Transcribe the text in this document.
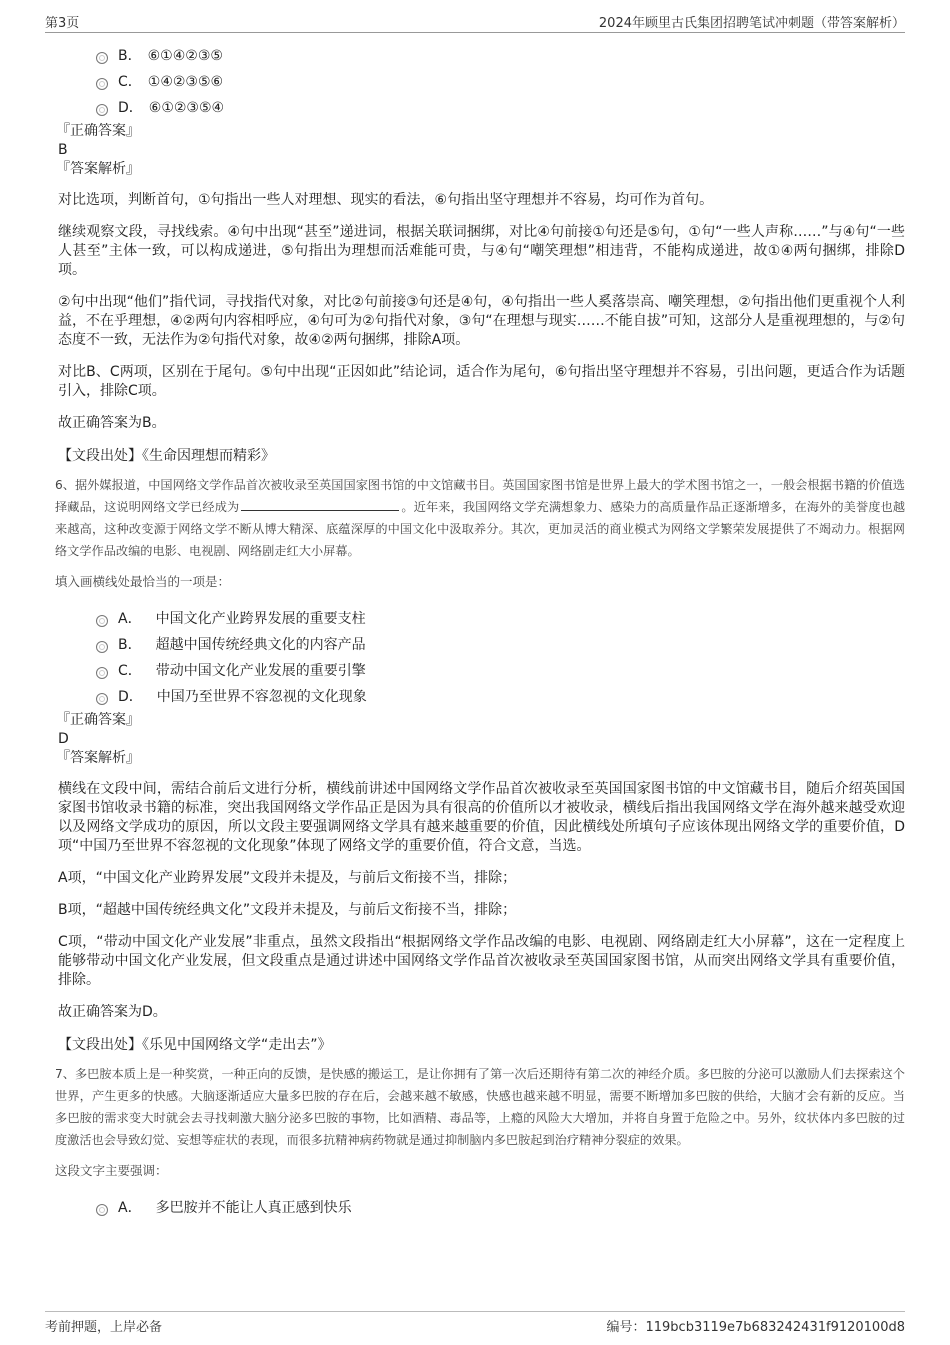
第3页	2024年顾里古氏集团招聘笔试冲刺题（带答案解析）
B． ⑥①④②③⑤
C． ①④②③⑤⑥
D． ⑥①②③⑤④
『正确答案』
B
『答案解析』

对比选项，判断首句，①句指出一些人对理想、现实的看法，⑥句指出坚守理想并不容易，均可作为首句。

继续观察文段，寻找线索。④句中出现“甚至”递进词，根据关联词捆绑，对比④句前接①句还是⑤句，①句“一些人声称……”与④句“一些人甚至”主体一致，可以构成递进，⑤句指出为理想而活难能可贵，与④句“嘲笑理想”相违背，不能构成递进，故①④两句捆绑，排除D项。

②句中出现“他们”指代词，寻找指代对象，对比②句前接③句还是④句，④句指出一些人奚落崇高、嘲笑理想，②句指出他们更重视个人利益，不在乎理想，④②两句内容相呼应，④句可为②句指代对象，③句“在理想与现实……不能自拔”可知，这部分人是重视理想的，与②句态度不一致，无法作为②句指代对象，故④②两句捆绑，排除A项。

对比B、C两项，区别在于尾句。⑤句中出现“正因如此”结论词，适合作为尾句，⑥句指出坚守理想并不容易，引出问题，更适合作为话题引入，排除C项。

故正确答案为B。

【文段出处】《生命因理想而精彩》
6、据外媒报道，中国网络文学作品首次被收录至英国国家图书馆的中文馆藏书目。英国国家图书馆是世界上最大的学术图书馆之一，一般会根据书籍的价值选择藏品，这说明网络文学已经成为	。近年来，我国网络文学充满想象力、感染力的高质量作品正逐渐增多，在海外的美誉度也越来越高，这种改变源于网络文学不断从博大精深、底蕴深厚的中国文化中汲取养分。其次，更加灵活的商业模式为网络文学繁荣发展提供了不竭动力。根据网络文学作品改编的电影、电视剧、网络剧走红大小屏幕。
填入画横线处最恰当的一项是：
A． 中国文化产业跨界发展的重要支柱
B． 超越中国传统经典文化的内容产品
C． 带动中国文化产业发展的重要引擎
D． 中国乃至世界不容忽视的文化现象
『正确答案』
D
『答案解析』

横线在文段中间，需结合前后文进行分析，横线前讲述中国网络文学作品首次被收录至英国国家图书馆的中文馆藏书目，随后介绍英国国家图书馆收录书籍的标准，突出我国网络文学作品正是因为具有很高的价值所以才被收录，横线后指出我国网络文学在海外越来越受欢迎以及网络文学成功的原因，所以文段主要强调网络文学具有越来越重要的价值，因此横线处所填句子应该体现出网络文学的重要价值，D项“中国乃至世界不容忽视的文化现象”体现了网络文学的重要价值，符合文意，当选。

A项，“中国文化产业跨界发展”文段并未提及，与前后文衔接不当，排除；

B项，“超越中国传统经典文化”文段并未提及，与前后文衔接不当，排除；

C项，“带动中国文化产业发展”非重点，虽然文段指出“根据网络文学作品改编的电影、电视剧、网络剧走红大小屏幕”，这在一定程度上能够带动中国文化产业发展，但文段重点是通过讲述中国网络文学作品首次被收录至英国国家图书馆，从而突出网络文学具有重要价值，排除。

故正确答案为D。

【文段出处】《乐见中国网络文学“走出去”》
7、多巴胺本质上是一种奖赏，一种正向的反馈，是快感的搬运工，是让你拥有了第一次后还期待有第二次的神经介质。多巴胺的分泌可以激励人们去探索这个世界，产生更多的快感。大脑逐渐适应大量多巴胺的存在后，会越来越不敏感，快感也越来越不明显，需要不断增加多巴胺的供给，大脑才会有新的反应。当多巴胺的需求变大时就会去寻找刺激大脑分泌多巴胺的事物，比如酒精、毒品等，上瘾的风险大大增加，并将自身置于危险之中。另外，纹状体内多巴胺的过度激活也会导致幻觉、妄想等症状的表现，而很多抗精神病药物就是通过抑制脑内多巴胺起到治疗精神分裂症的效果。
这段文字主要强调：
A． 多巴胺并不能让人真正感到快乐
考前押题，上岸必备	编号：119bcb3119e7b683242431f9120100d8
